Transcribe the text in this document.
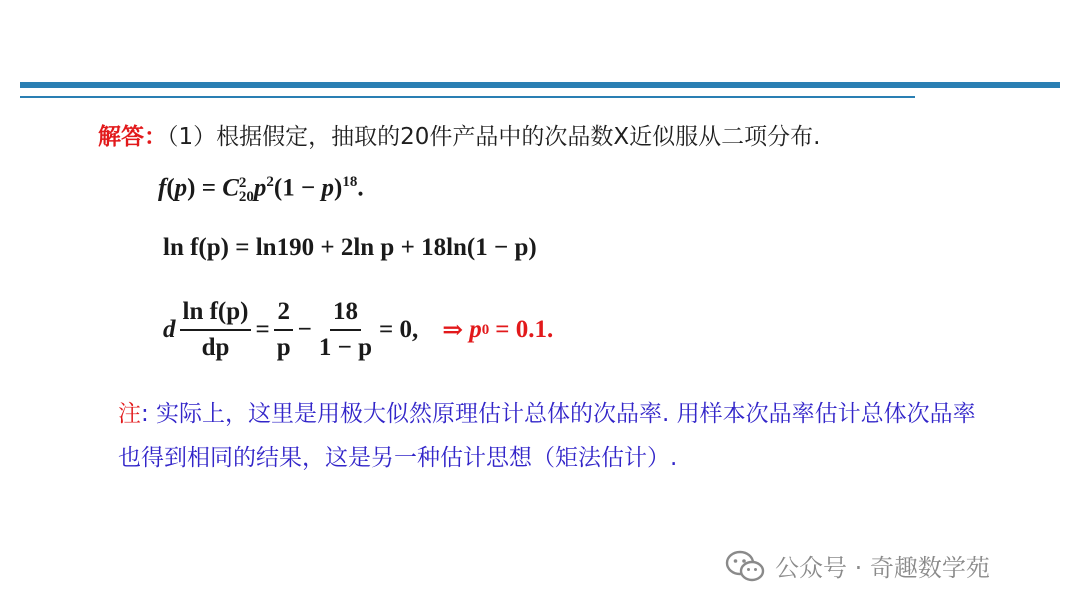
解答：（1）根据假定，抽取的20件产品中的次品数X近似服从二项分布.
f(p) = C 2
20 $p^2(1 - p)^{18}$.
ln f(p) = ln190 + 2ln p + 18ln(1 − p)
d $\frac{\text{ln f(p)}}{dp} = \frac{2}{p} - \frac{18}{1 - p} = 0$, ⇒ p 0 = 0.1.
注: 实际上，这里是用极大似然原理估计总体的次品率. 用样本次品率估计总体次品率也得到相同的结果，这是另一种估计思想（矩法估计）.
公众号 · 奇趣数学苑
